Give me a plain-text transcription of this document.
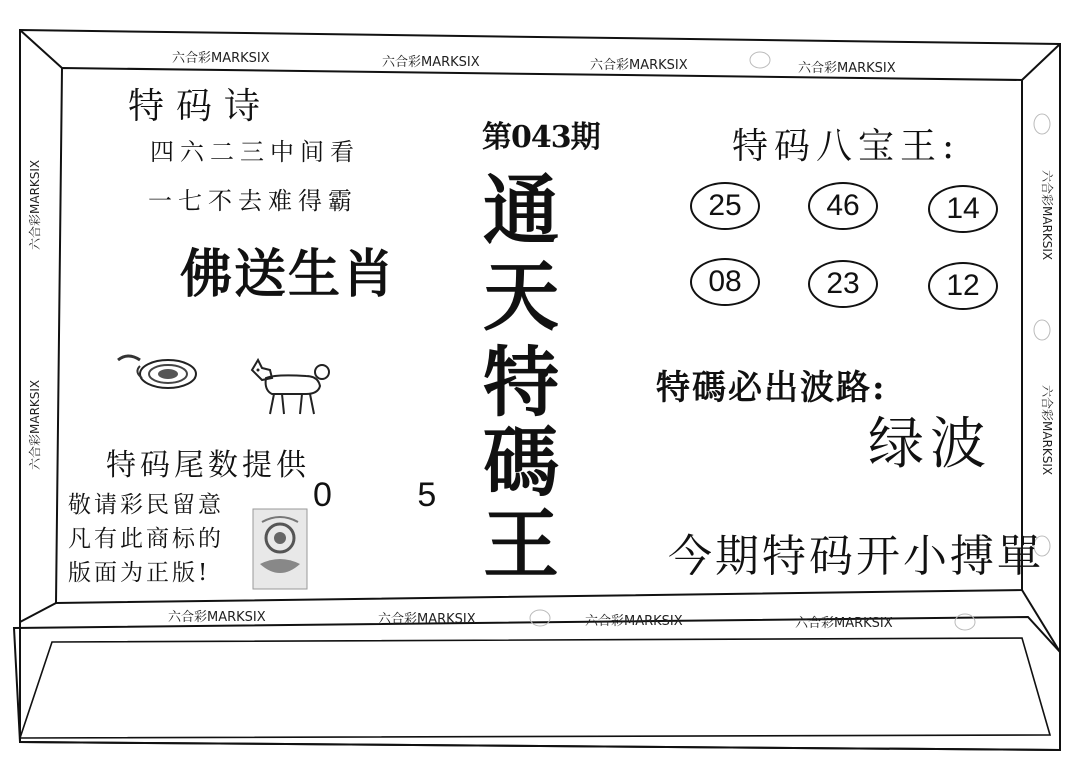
六合彩MARKSIX	六合彩MARKSIX	六合彩MARKSIX	六合彩MARKSIX
六合彩MARKSIX	六合彩MARKSIX	六合彩MARKSIX	六合彩MARKSIX
六合彩MARKSIX
六合彩MARKSIX
六合彩MARKSIX
六合彩MARKSIX
特码诗
四六二三中间看
一七不去难得霸
佛送生肖
特码尾数提供
0 5
敬请彩民留意
凡有此商标的
版面为正版!
第043期
通
天
特
碼
王
特码八宝王:
25	46	14
08	23	12
特碼必出波路:
绿波
今期特码开小搏單
